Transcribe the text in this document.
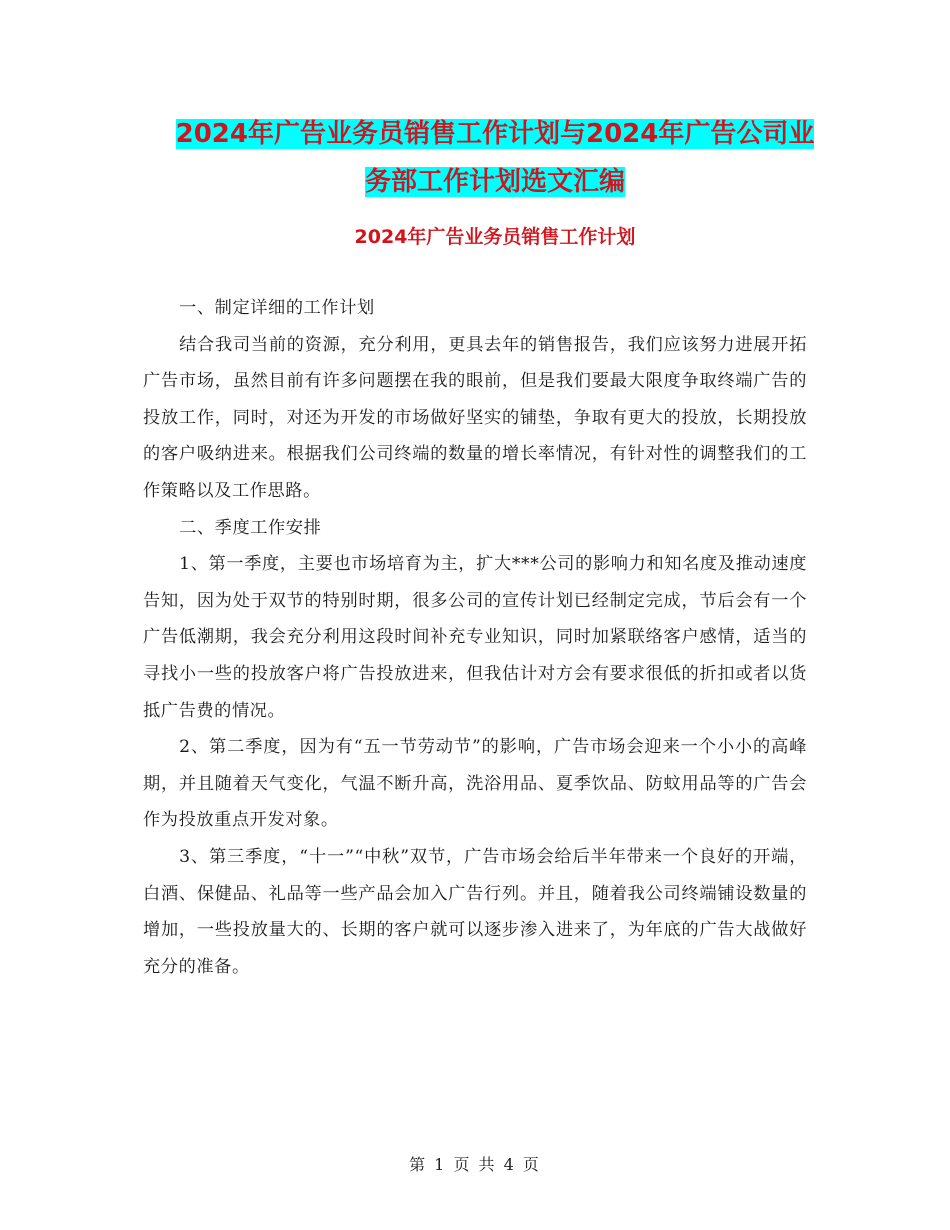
2024年广告业务员销售工作计划与2024年广告公司业
务部工作计划选文汇编
2024年广告业务员销售工作计划

一、制定详细的工作计划

结合我司当前的资源，充分利用，更具去年的销售报告，我们应该努力进展开拓广告市场，虽然目前有许多问题摆在我的眼前，但是我们要最大限度争取终端广告的投放工作，同时，对还为开发的市场做好坚实的铺垫，争取有更大的投放，长期投放的客户吸纳进来。根据我们公司终端的数量的增长率情况，有针对性的调整我们的工作策略以及工作思路。

二、季度工作安排

1、第一季度，主要也市场培育为主，扩大***公司的影响力和知名度及推动速度告知，因为处于双节的特别时期，很多公司的宣传计划已经制定完成，节后会有一个广告低潮期，我会充分利用这段时间补充专业知识，同时加紧联络客户感情，适当的寻找小一些的投放客户将广告投放进来，但我估计对方会有要求很低的折扣或者以货抵广告费的情况。

2、第二季度，因为有“五一节劳动节”的影响，广告市场会迎来一个小小的高峰期，并且随着天气变化，气温不断升高，洗浴用品、夏季饮品、防蚊用品等的广告会作为投放重点开发对象。

3、第三季度，“十一”“中秋”双节，广告市场会给后半年带来一个良好的开端，白酒、保健品、礼品等一些产品会加入广告行列。并且，随着我公司终端铺设数量的增加，一些投放量大的、长期的客户就可以逐步渗入进来了，为年底的广告大战做好充分的准备。

第 1 页 共 4 页
